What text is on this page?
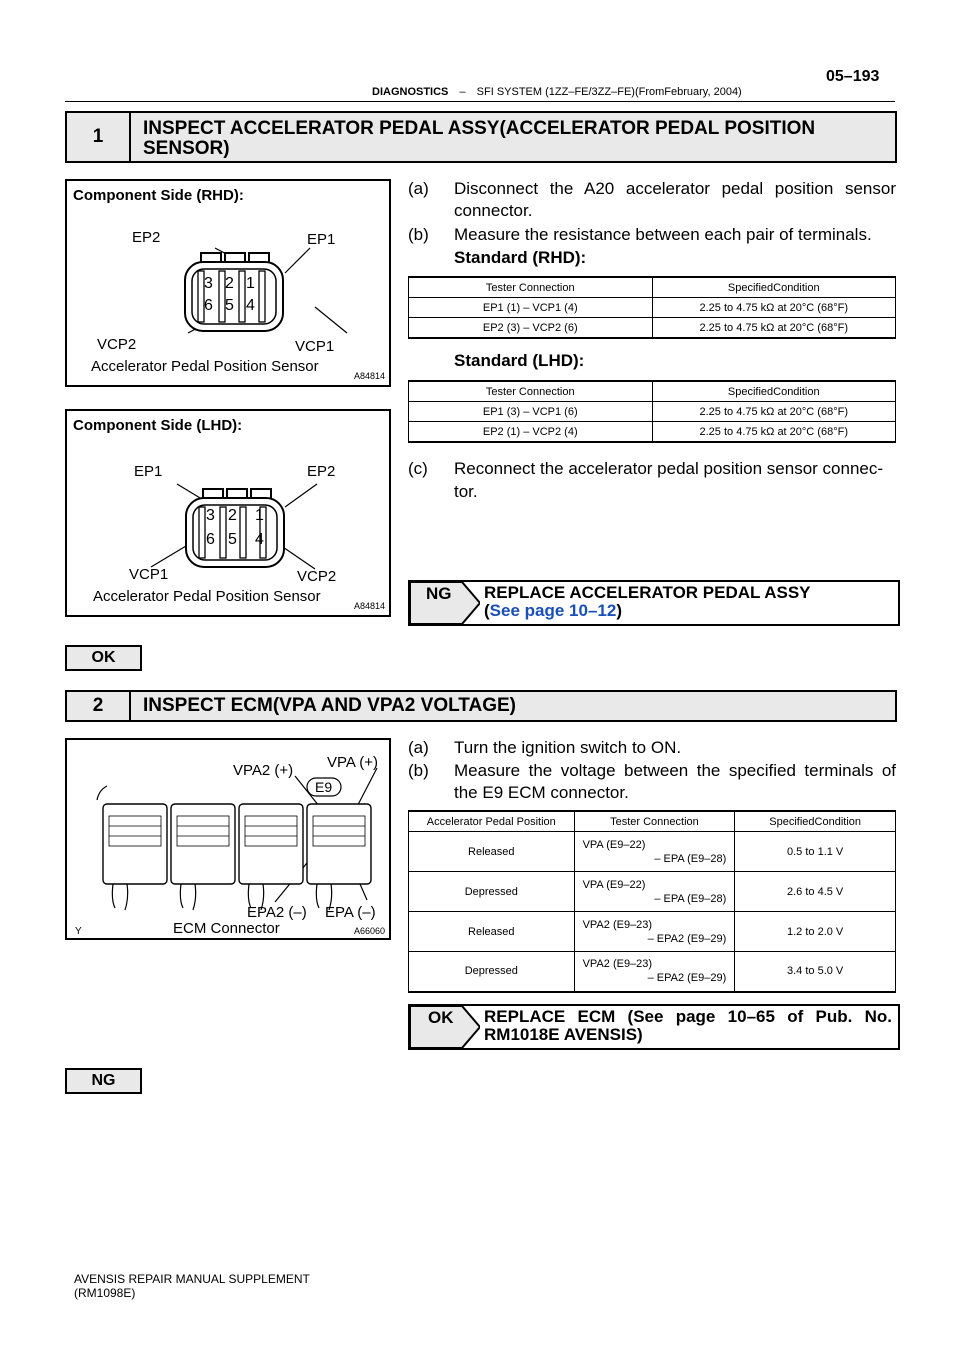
05–193
DIAGNOSTICS – SFI SYSTEM (1ZZ–FE/3ZZ–FE)(FromFebruary, 2004)
1	INSPECT ACCELERATOR PEDAL ASSY(ACCELERATOR PEDAL POSITION
SENSOR)
Component Side (RHD):
3 2 1
6 5 4
EP2	EP1
VCP2	VCP1
Accelerator Pedal Position Sensor
A84814
Component Side (LHD):
3 2 1
6 5 4
EP1	EP2
VCP1	VCP2
Accelerator Pedal Position Sensor
A84814
(a) Disconnect the A20 accelerator pedal position sensor
connector.
(b) Measure the resistance between each pair of terminals.
Standard (RHD):
Tester Connection	SpecifiedCondition
EP1 (1) – VCP1 (4)	2.25 to 4.75 kΩ at 20°C (68°F)
EP2 (3) – VCP2 (6)	2.25 to 4.75 kΩ at 20°C (68°F)
Standard (LHD):
Tester Connection	SpecifiedCondition
EP1 (3) – VCP1 (6)	2.25 to 4.75 kΩ at 20°C (68°F)
EP2 (1) – VCP2 (4)	2.25 to 4.75 kΩ at 20°C (68°F)
(c) Reconnect the accelerator pedal position sensor connec-
tor.
NG REPLACE ACCELERATOR PEDAL ASSY
(See page 10–12)
OK
2	INSPECT ECM(VPA AND VPA2 VOLTAGE)
VPA2 (+) VPA (+)
E9
EPA2 (–) EPA (–)
ECM Connector
Y	A66060
(a) Turn the ignition switch to ON.
(b) Measure the voltage between the specified terminals of
the E9 ECM connector.
Accelerator Pedal Position	Tester Connection	SpecifiedCondition
Released	VPA (E9–22)
– EPA (E9–28)	0.5 to 1.1 V
Depressed	VPA (E9–22)
– EPA (E9–28)	2.6 to 4.5 V
Released	VPA2 (E9–23)
– EPA2 (E9–29)	1.2 to 2.0 V
Depressed	VPA2 (E9–23)
– EPA2 (E9–29)	3.4 to 5.0 V
OK REPLACE ECM (See page 10–65 of Pub. No.
RM1018E AVENSIS)
NG
AVENSIS REPAIR MANUAL SUPPLEMENT
(RM1098E)
